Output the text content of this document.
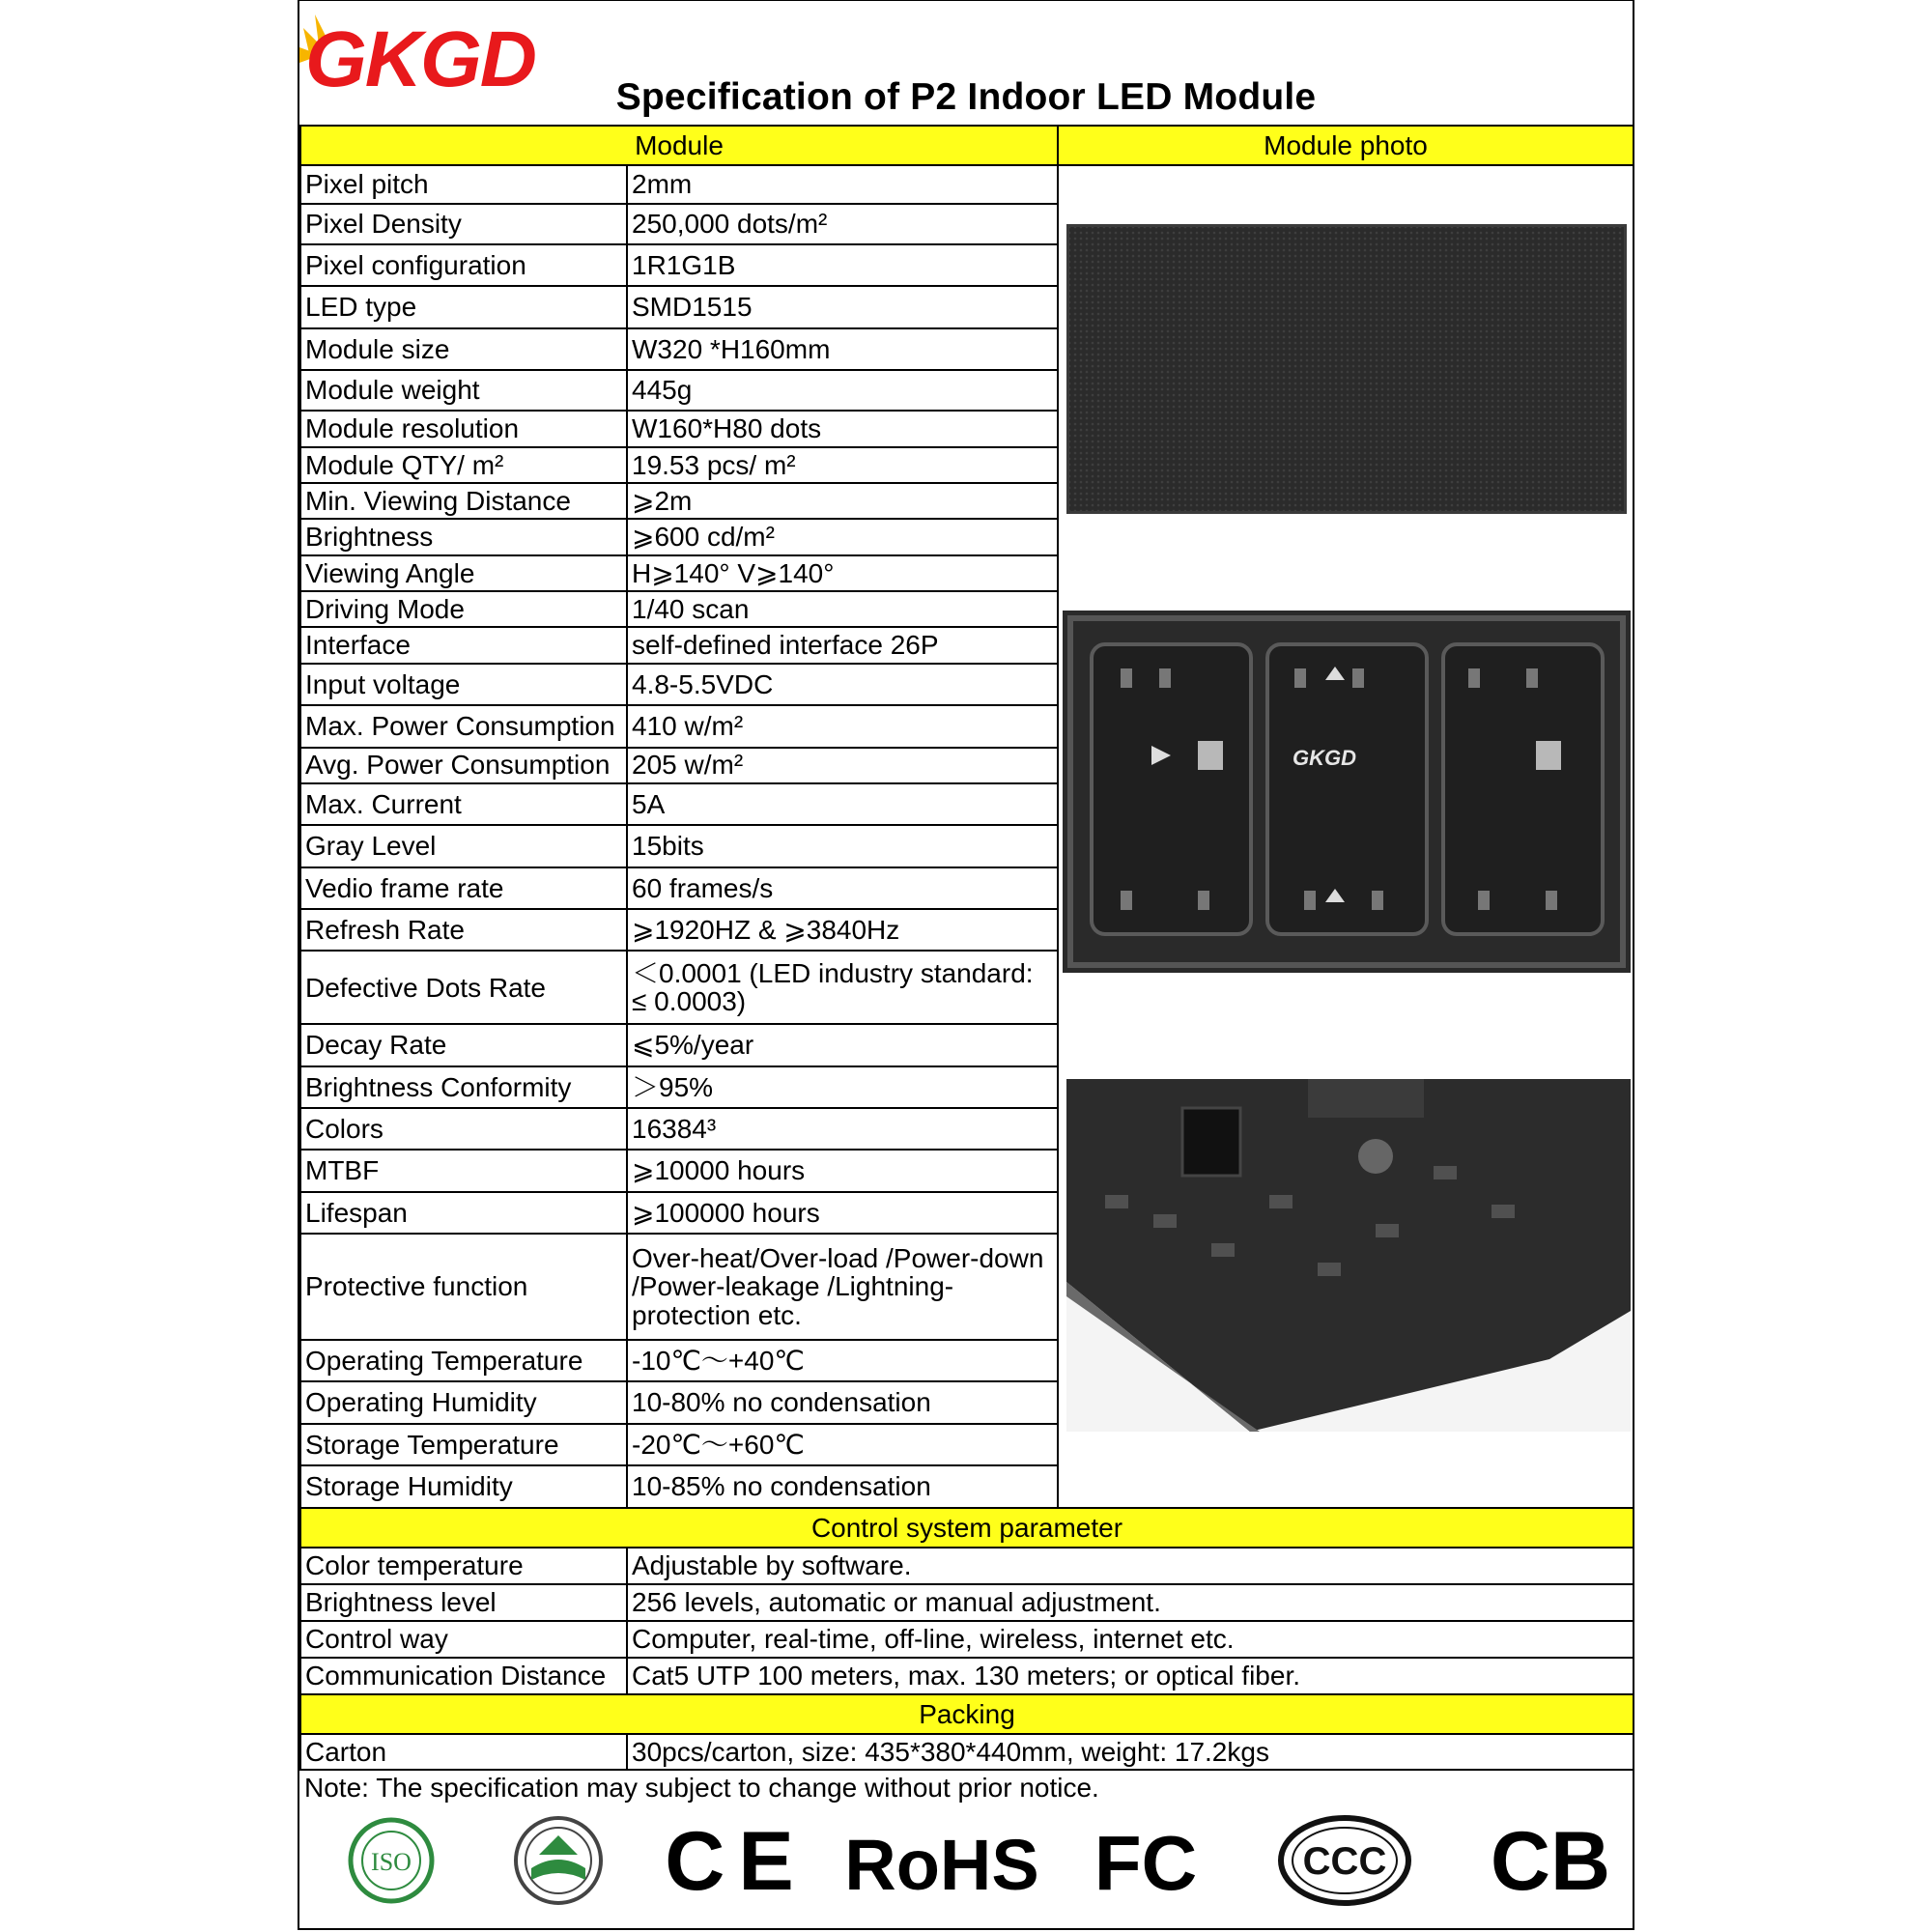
GKGD	Specification of P2 Indoor LED Module
Module		Module photo
Pixel pitch	2mm	GKGD

Pixel Density	250,000 dots/m²	
Pixel configuration	1R1G1B	
LED type	SMD1515	
Module size	W320 *H160mm	
Module weight	445g	
Module resolution	W160*H80 dots	
Module QTY/ m²	19.53 pcs/ m²	
Min. Viewing Distance	⩾2m	
Brightness	⩾600 cd/m²	
Viewing Angle	H⩾140° V⩾140°	
Driving Mode	1/40 scan	
Interface	self-defined interface 26P	
Input voltage	4.8-5.5VDC	
Max. Power Consumption	410 w/m²	
Avg. Power Consumption	205 w/m²	
Max. Current	5A	
Gray Level	15bits	
Vedio frame rate	60 frames/s	
Refresh Rate	⩾1920HZ & ⩾3840Hz	
Defective Dots Rate	＜0.0001 (LED industry standard: ≤ 0.0003)	
Decay Rate	⩽5%/year	
Brightness Conformity	＞95%	
Colors	16384³	
MTBF	⩾10000 hours	
Lifespan	⩾100000 hours	
Protective function	Over-heat/Over-load /Power-down /Power-leakage /Lightning-protection etc.	
Operating Temperature	-10℃～+40℃	
Operating Humidity	10-80% no condensation	
Storage Temperature	-20℃～+60℃	
Storage Humidity	10-85% no condensation	
Control system parameter		
Color temperature	Adjustable by software.	
Brightness level	256 levels, automatic or manual adjustment.	
Control way	Computer, real-time, off-line, wireless, internet etc.	
Communication Distance	Cat5 UTP 100 meters, max. 130 meters; or optical fiber.	
Packing		
Carton	30pcs/carton, size: 435*380*440mm, weight: 17.2kgs	
Note: The specification may subject to change without prior notice.		
ISO	CE RoHS FC	CCC CB
